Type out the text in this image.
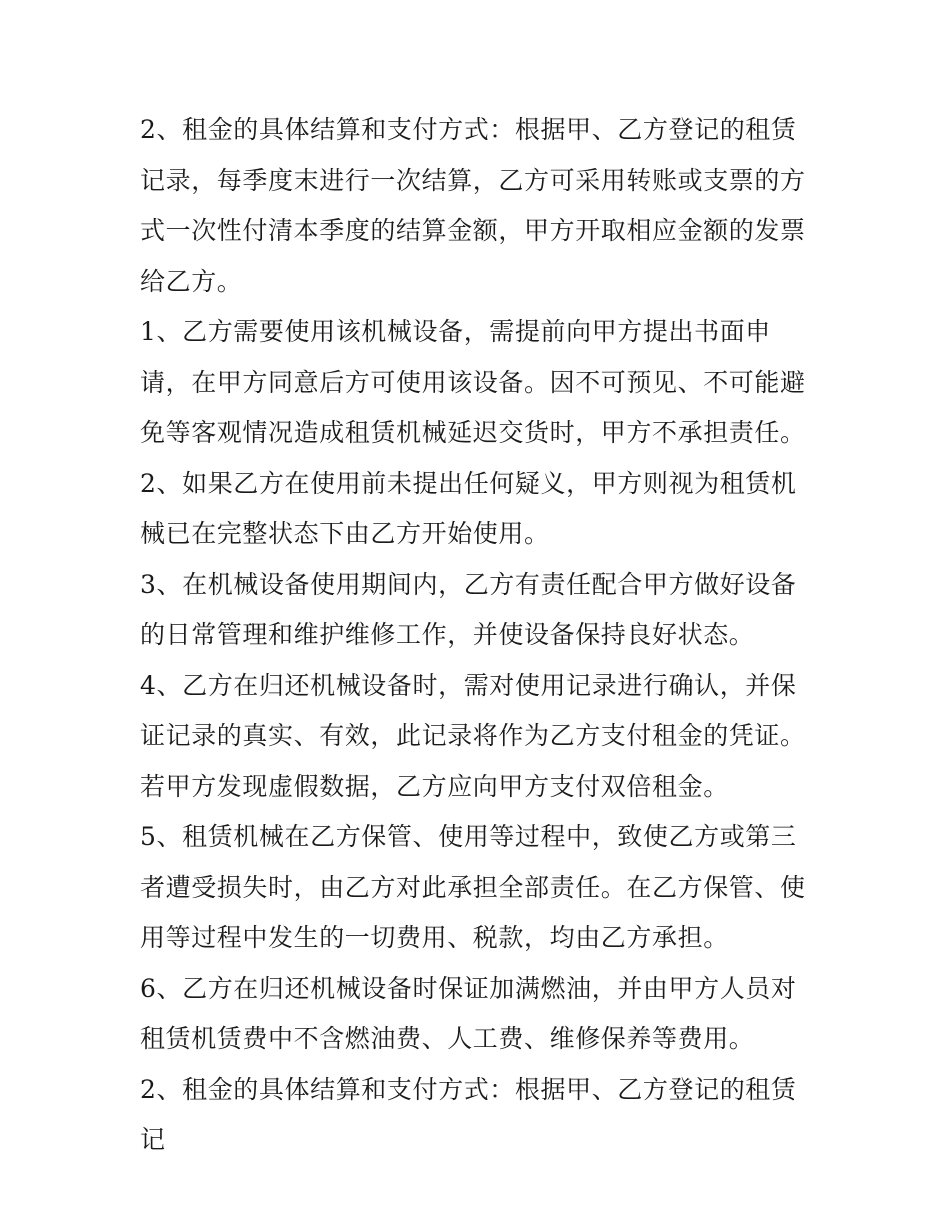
2、租金的具体结算和支付方式：根据甲、乙方登记的租赁记录，每季度末进行一次结算，乙方可采用转账或支票的方式一次性付清本季度的结算金额，甲方开取相应金额的发票给乙方。

1、乙方需要使用该机械设备，需提前向甲方提出书面申请，在甲方同意后方可使用该设备。因不可预见、不可能避免等客观情况造成租赁机械延迟交货时，甲方不承担责任。

2、如果乙方在使用前未提出任何疑义，甲方则视为租赁机械已在完整状态下由乙方开始使用。

3、在机械设备使用期间内，乙方有责任配合甲方做好设备的日常管理和维护维修工作，并使设备保持良好状态。

4、乙方在归还机械设备时，需对使用记录进行确认，并保证记录的真实、有效，此记录将作为乙方支付租金的凭证。若甲方发现虚假数据，乙方应向甲方支付双倍租金。

5、租赁机械在乙方保管、使用等过程中，致使乙方或第三者遭受损失时，由乙方对此承担全部责任。在乙方保管、使用等过程中发生的一切费用、税款，均由乙方承担。

6、乙方在归还机械设备时保证加满燃油，并由甲方人员对租赁机赁费中不含燃油费、人工费、维修保养等费用。

2、租金的具体结算和支付方式：根据甲、乙方登记的租赁记
